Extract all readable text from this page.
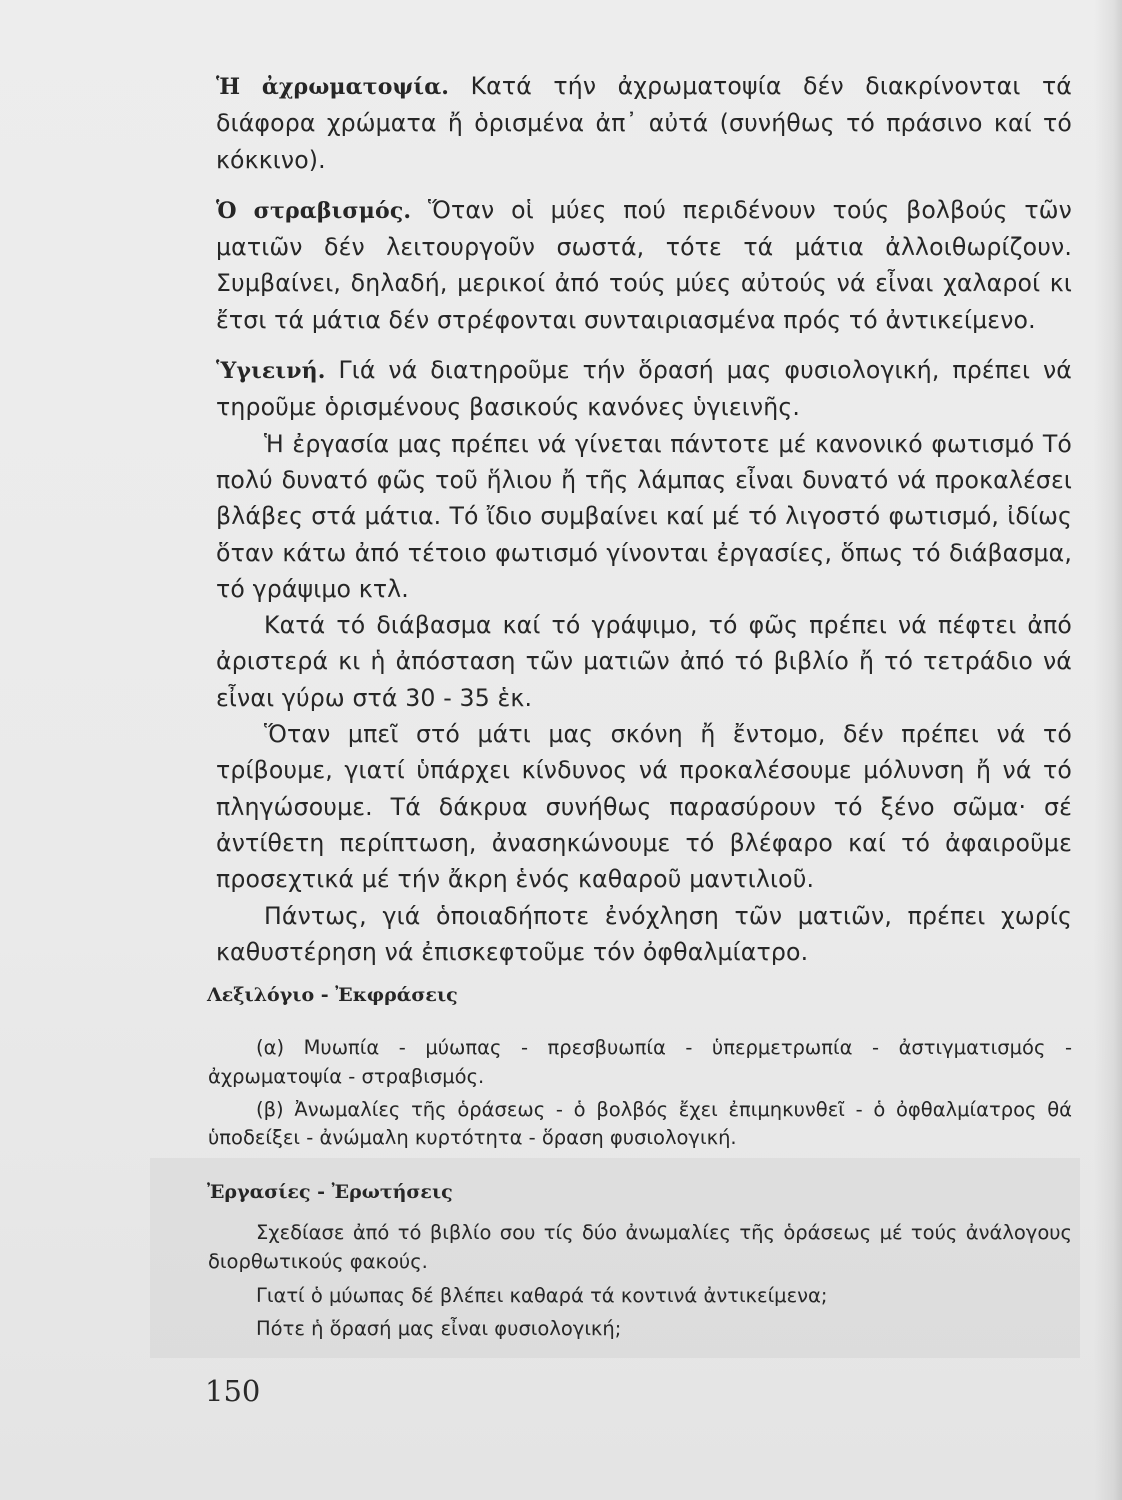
Ἡ ἀχρωματοψία. Κατά τήν ἀχρωματοψία δέν διακρίνονται τά διάφορα χρώματα ἤ ὁρισμένα ἀπ᾿ αὐτά (συνήθως τό πράσινο καί τό κόκκινο).

Ὁ στραβισμός. Ὅταν οἱ μύες πού περιδένουν τούς βολβούς τῶν ματιῶν δέν λειτουργοῦν σωστά, τότε τά μάτια ἀλλοιθωρίζουν. Συμβαίνει, δηλαδή, μερικοί ἀπό τούς μύες αὐτούς νά εἶναι χαλαροί κι ἔτσι τά μάτια δέν στρέφονται συνταιριασμένα πρός τό ἀντικείμενο.

Ὑγιεινή. Γιά νά διατηροῦμε τήν ὅρασή μας φυσιολογική, πρέπει νά τηροῦμε ὁρισμένους βασικούς κανόνες ὑγιεινῆς.

Ἡ ἐργασία μας πρέπει νά γίνεται πάντοτε μέ κανονικό φωτισμό Τό πολύ δυνατό φῶς τοῦ ἥλιου ἤ τῆς λάμπας εἶναι δυνατό νά προκαλέσει βλάβες στά μάτια. Τό ἴδιο συμβαίνει καί μέ τό λιγοστό φωτισμό, ἰδίως ὅταν κάτω ἀπό τέτοιο φωτισμό γίνονται ἐργασίες, ὅπως τό διάβασμα, τό γράψιμο κτλ.

Κατά τό διάβασμα καί τό γράψιμο, τό φῶς πρέπει νά πέφτει ἀπό ἀριστερά κι ἡ ἀπόσταση τῶν ματιῶν ἀπό τό βιβλίο ἤ τό τετράδιο νά εἶναι γύρω στά 30 - 35 ἑκ.

Ὅταν μπεῖ στό μάτι μας σκόνη ἤ ἔντομο, δέν πρέπει νά τό τρίβουμε, γιατί ὑπάρχει κίνδυνος νά προκαλέσουμε μόλυνση ἤ νά τό πληγώσουμε. Τά δάκρυα συνήθως παρασύρουν τό ξένο σῶμα· σέ ἀντίθετη περίπτωση, ἀνασηκώνουμε τό βλέφαρο καί τό ἀφαιροῦμε προσεχτικά μέ τήν ἄκρη ἑνός καθαροῦ μαντιλιοῦ.

Πάντως, γιά ὁποιαδήποτε ἐνόχληση τῶν ματιῶν, πρέπει χωρίς καθυστέρηση νά ἐπισκεφτοῦμε τόν ὀφθαλμίατρο.

Λεξιλόγιο - Ἐκφράσεις

(α) Μυωπία - μύωπας - πρεσβυωπία - ὑπερμετρωπία - ἀστιγματισμός - ἀχρωματοψία - στραβισμός.

(β) Ἀνωμαλίες τῆς ὁράσεως - ὁ βολβός ἔχει ἐπιμηκυνθεῖ - ὁ ὀφθαλμίατρος θά ὑποδείξει - ἀνώμαλη κυρτότητα - ὅραση φυσιολογική.

Ἐργασίες - Ἐρωτήσεις

Σχεδίασε ἀπό τό βιβλίο σου τίς δύο ἀνωμαλίες τῆς ὁράσεως μέ τούς ἀνάλογους διορθωτικούς φακούς.

Γιατί ὁ μύωπας δέ βλέπει καθαρά τά κοντινά ἀντικείμενα;

Πότε ἡ ὅρασή μας εἶναι φυσιολογική;

150
